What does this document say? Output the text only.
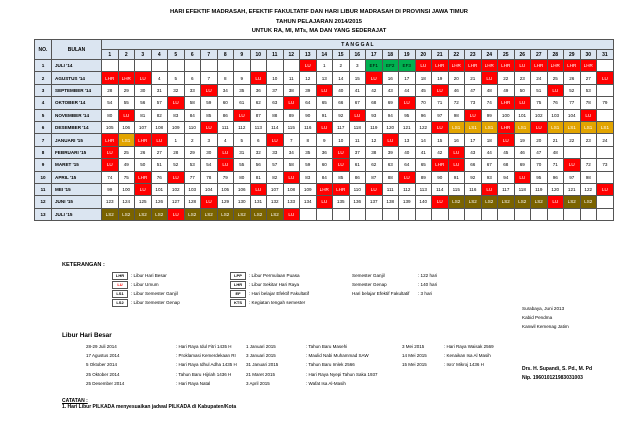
HARI EFEKTIF MADRASAH, EFEKTIF FAKULTATIF DAN HARI LIBUR MADRASAH DI PROVINSI JAWA TIMUR
TAHUN PELAJARAN 2014/2015
UNTUK RA, MI, MTs, MA DAN YANG SEDERAJAT
NO.	BULAN	T A N G G A L																														
		1	2	3	4	5	6	7	8	9	10	11	12	13	14	15	16	17	18	19	20	21	22	23	24	25	26	27	28	29	30	31
1	JULI '14													LU	1	2	3	EF1	EF2	EF3	LU	LHR	LHR	LHR	LHR	LHR	LU	LHR	LHR	LHR	LHR	
2	AGUSTUS '14	LHR	LHR	LU	4	5	6	7	8	9	LU	10	11	12	13	14	15	LU	16	17	18	19	20	21	LU	22	23	24	25	26	27	LU
3	SEPTEMBER '14	28	29	30	31	32	33	LU	34	35	36	37	38	39	LU	40	41	42	43	44	45	LU	46	47	48	49	50	51	LU	52	53	
4	OKTOBER '14	54	55	56	57	LU	58	59	60	61	62	63	LU	64	65	66	67	68	69	LU	70	71	72	73	74	LHR	LU	75	76	77	78	79
5	NOVEMBER '14	80	LU	81	82	83	84	85	86	LU	87	88	89	90	91	92	LU	93	94	95	96	97	98	LU	99	100	101	102	103	104	LU	
6	DESEMBER '14	105	106	107	108	109	110	LU	111	112	113	114	115	116	LU	117	118	119	120	121	122	LU	LS1	LS1	LS1	LHR	LS1	LU	LS1	LS1	LS1	LS1
7	JANUARI '15	LHR	LS1	LHR	LU	1	2	3	4	5	6	LU	7	8	9	10	11	12	LU	13	14	15	16	17	18	LU	19	20	21	22	23	24
8	FEBRUARI '15	LU	25	26	27	28	29	30	LU	31	32	33	34	35	36	LU	37	38	39	40	41	42	LU	43	44	45	46	47	48			
9	MARET '15	LU	49	50	51	52	53	54	LU	55	56	57	58	59	60	LU	61	62	63	64	65	LHR	LU	66	67	68	69	70	71	LU	72	73
10	APRIL '15	74	75	LHR	76	LU	77	78	79	80	81	82	LU	83	84	85	86	87	88	LU	89	90	91	92	93	94	LU	95	96	97	98	
11	MEI '15	99	100	LU	101	102	103	104	105	106	LU	107	108	109	LHR	LHR	110	LU	111	112	113	114	115	116	LU	117	118	119	120	121	122	LU
12	JUNI '15	123	124	125	126	127	128	LU	129	130	131	132	133	134	LU	135	136	137	138	139	140	LU	LS2	LS2	LS2	LS2	LS2	LS2	LU	LS2	LS2	
13	JULI '15	LS2	LS2	LS2	LS2	LU	LS2	LS2	LS2	LS2	LS2	LS2	LU																			
KETERANGAN :
LHR : Libur Hari Besar
LU : Libur Umum
LS1 : Libur Semester Ganjil
LS2 : Libur Semester Genap
LPP : Libur Permulaan Puasa
LHR : Libur Sekitar Hari Raya
EF : Hari belajar Efektif Fakultatif
KTS : Kegiatan tengah semester
Semester Ganjil
Semester Genap
Hari belajar Efektif Fakultatif
: 122 hari
: 140 hari
: 3 hari
Surabaya, Juni 2013
Kabid Pendma
Kanwil Kemenag Jatim
Drs. H. Supandi, S. Pd., M. Pd
Nip. 196010121983031003
Libur Hari Besar
28-29 Juli 2014	: Hari Raya Idul Fitri 1435 H
17 Agustus 2014	: Proklamasi Kemerdekaan RI
5 Oktober 2014	: Hari Raya Idhul Adha 1435 H
25 Oktober 2014	: Tahun Baru Hijriah 1436 H
25 Desember 2014	: Hari Raya Natal
1 Januari 2015	: Tahun Baru Masehi
3 Januari 2015	: Maulid Nabi Muhammad SAW
31 Januari 2015	: Tahun Baru Imlek 2566
21 Maret 2015	: Hari Raya Nyepi Tahun Saka 1937
3 April 2015	: Wafat Isa Al-Masih
3 Mei 2015	: Hari Raya Waisak 2569
14 Mei 2015	: Kenaikan Isa Al Masih
15 Mei 2015	: Isro' Mikroj 1436 H
CATATAN :
1. Hari Libur PILKADA menyesuaikan jadwal PILKADA di Kabupaten/Kota
